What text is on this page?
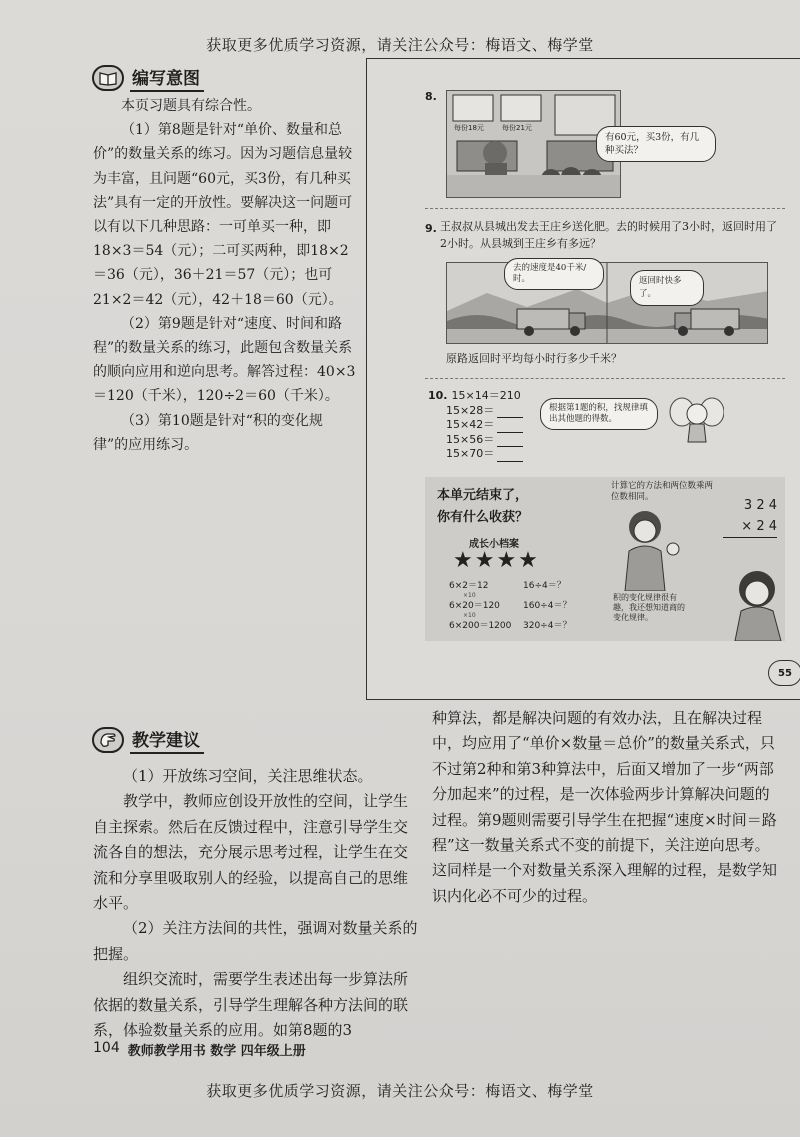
获取更多优质学习资源，请关注公众号：梅语文、梅学堂
编写意图

本页习题具有综合性。

（1）第8题是针对“单价、数量和总价”的数量关系的练习。因为习题信息量较为丰富，且问题“60元，买3份，有几种买法”具有一定的开放性。要解决这一问题可以有以下几种思路：一可单买一种，即18×3＝54（元）；二可买两种，即18×2＝36（元），36＋21＝57（元）；也可21×2＝42（元），42＋18＝60（元）。

（2）第9题是针对“速度、时间和路程”的数量关系的练习，此题包含数量关系的顺向应用和逆向思考。解答过程：40×3＝120（千米），120÷2＝60（千米）。

（3）第10题是针对“积的变化规律”的应用练习。

8.
每份18元	每份21元
有60元，买3份，有几种买法？
9. 王叔叔从县城出发去王庄乡送化肥。去的时候用了3小时，返回时用了2小时。从县城到王庄乡有多远？
去的速度是40千米/时。	返回时快多了。
原路返回时平均每小时行多少千米？
10. 15×14＝210
15×28＝
15×42＝
15×56＝
15×70＝
根据第1题的积，找规律填出其他题的得数。
本单元结束了，
你有什么收获？
成长小档案
★★★★
6×2＝12	16÷4＝？
×10
6×20＝120	160÷4＝？
×10
6×200＝1200	320÷4＝？
计算它的方法和两位数乘两位数相同。
3 2 4
× 2 4
积的变化规律很有趣，我还想知道商的变化规律。
55
教学建议

（1）开放练习空间，关注思维状态。

教学中，教师应创设开放性的空间，让学生自主探索。然后在反馈过程中，注意引导学生交流各自的想法，充分展示思考过程，让学生在交流和分享里吸取别人的经验，以提高自己的思维水平。

（2）关注方法间的共性，强调对数量关系的把握。

组织交流时，需要学生表述出每一步算法所依据的数量关系，引导学生理解各种方法间的联系，体验数量关系的应用。如第8题的3

种算法，都是解决问题的有效办法，且在解决过程中，均应用了“单价×数量＝总价”的数量关系式，只不过第2种和第3种算法中，后面又增加了一步“两部分加起来”的过程，是一次体验两步计算解决问题的过程。第9题则需要引导学生在把握“速度×时间＝路程”这一数量关系式不变的前提下，关注逆向思考。这同样是一个对数量关系深入理解的过程，是数学知识内化必不可少的过程。
104 教师教学用书 数学 四年级上册
获取更多优质学习资源，请关注公众号：梅语文、梅学堂
